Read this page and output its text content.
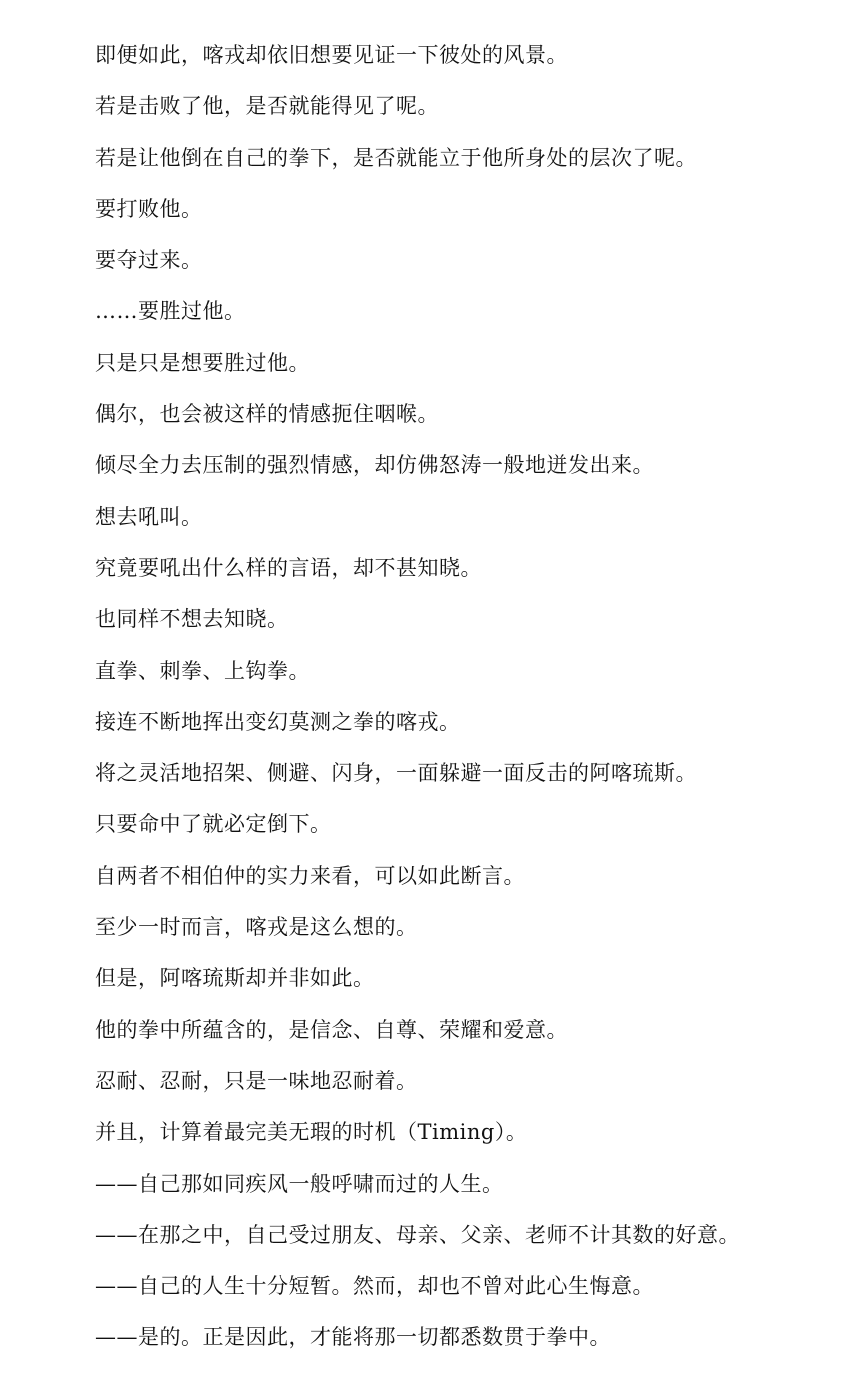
即便如此，喀戎却依旧想要见证一下彼处的风景。
若是击败了他，是否就能得见了呢。
若是让他倒在自己的拳下，是否就能立于他所身处的层次了呢。
要打败他。
要夺过来。
……要胜过他。
只是只是想要胜过他。
偶尔，也会被这样的情感扼住咽喉。
倾尽全力去压制的强烈情感，却仿佛怒涛一般地迸发出来。
想去吼叫。
究竟要吼出什么样的言语，却不甚知晓。
也同样不想去知晓。
直拳、刺拳、上钩拳。
接连不断地挥出变幻莫测之拳的喀戎。
将之灵活地招架、侧避、闪身，一面躲避一面反击的阿喀琉斯。
只要命中了就必定倒下。
自两者不相伯仲的实力来看，可以如此断言。
至少一时而言，喀戎是这么想的。
但是，阿喀琉斯却并非如此。
他的拳中所蕴含的，是信念、自尊、荣耀和爱意。
忍耐、忍耐，只是一味地忍耐着。
并且，计算着最完美无瑕的时机（Timing）。
——自己那如同疾风一般呼啸而过的人生。
——在那之中，自己受过朋友、母亲、父亲、老师不计其数的好意。
——自己的人生十分短暂。然而，却也不曾对此心生悔意。
——是的。正是因此，才能将那一切都悉数贯于拳中。
